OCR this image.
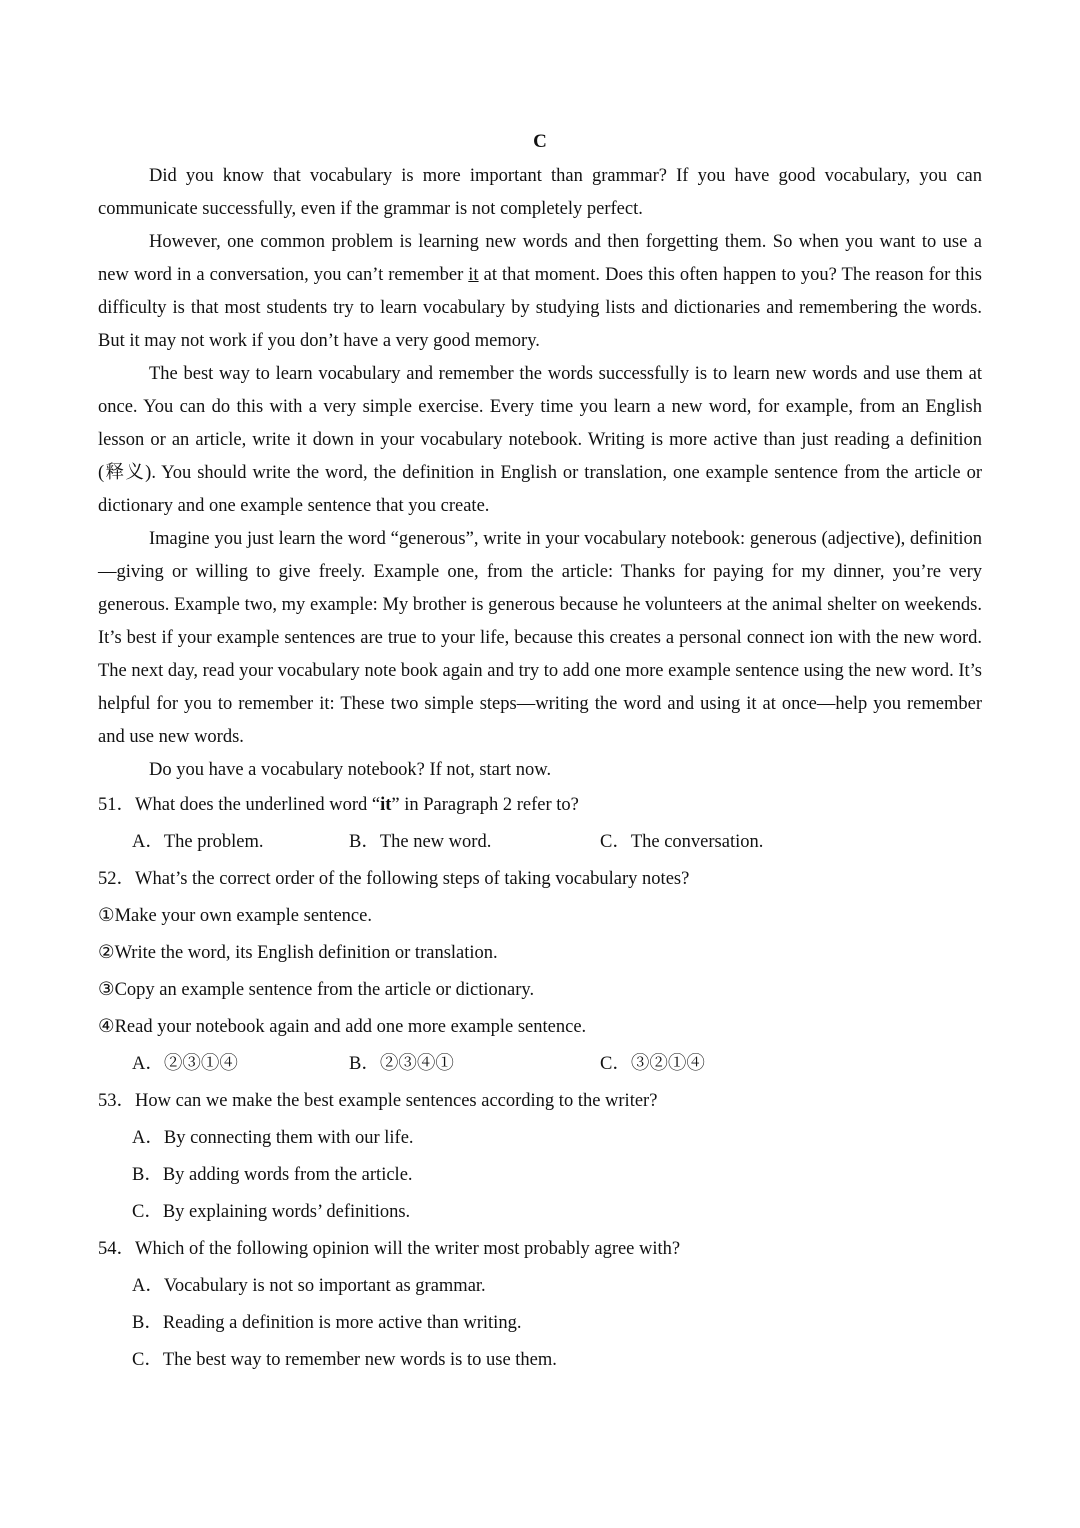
C

Did you know that vocabulary is more important than grammar? If you have good vocabulary, you can communicate successfully, even if the grammar is not completely perfect.

However, one common problem is learning new words and then forgetting them. So when you want to use a new word in a conversation, you can’t remember it at that moment. Does this often happen to you? The reason for this difficulty is that most students try to learn vocabulary by studying lists and dictionaries and remembering the words. But it may not work if you don’t have a very good memory.

The best way to learn vocabulary and remember the words successfully is to learn new words and use them at once. You can do this with a very simple exercise. Every time you learn a new word, for example, from an English lesson or an article, write it down in your vocabulary notebook. Writing is more active than just reading a definition (释义). You should write the word, the definition in English or translation, one example sentence from the article or dictionary and one example sentence that you create.

Imagine you just learn the word “generous”, write in your vocabulary notebook: generous (adjective), definition—giving or willing to give freely. Example one, from the article: Thanks for paying for my dinner, you’re very generous. Example two, my example: My brother is generous because he volunteers at the animal shelter on weekends. It’s best if your example sentences are true to your life, because this creates a personal connect ion with the new word. The next day, read your vocabulary note book again and try to add one more example sentence using the new word. It’s helpful for you to remember it: These two simple steps—writing the word and using it at once—help you remember and use new words.

Do you have a vocabulary notebook? If not, start now.

51．What does the underlined word “it” in Paragraph 2 refer to?

A．The problem.	B．The new word.	C．The conversation.

52．What’s the correct order of the following steps of taking vocabulary notes?

①Make your own example sentence.

②Write the word, its English definition or translation.

③Copy an example sentence from the article or dictionary.

④Read your notebook again and add one more example sentence.

A．②③①④	B．②③④①	C．③②①④

53．How can we make the best example sentences according to the writer?

A．By connecting them with our life.

B．By adding words from the article.

C．By explaining words’ definitions.

54．Which of the following opinion will the writer most probably agree with?

A．Vocabulary is not so important as grammar.

B．Reading a definition is more active than writing.

C．The best way to remember new words is to use them.
